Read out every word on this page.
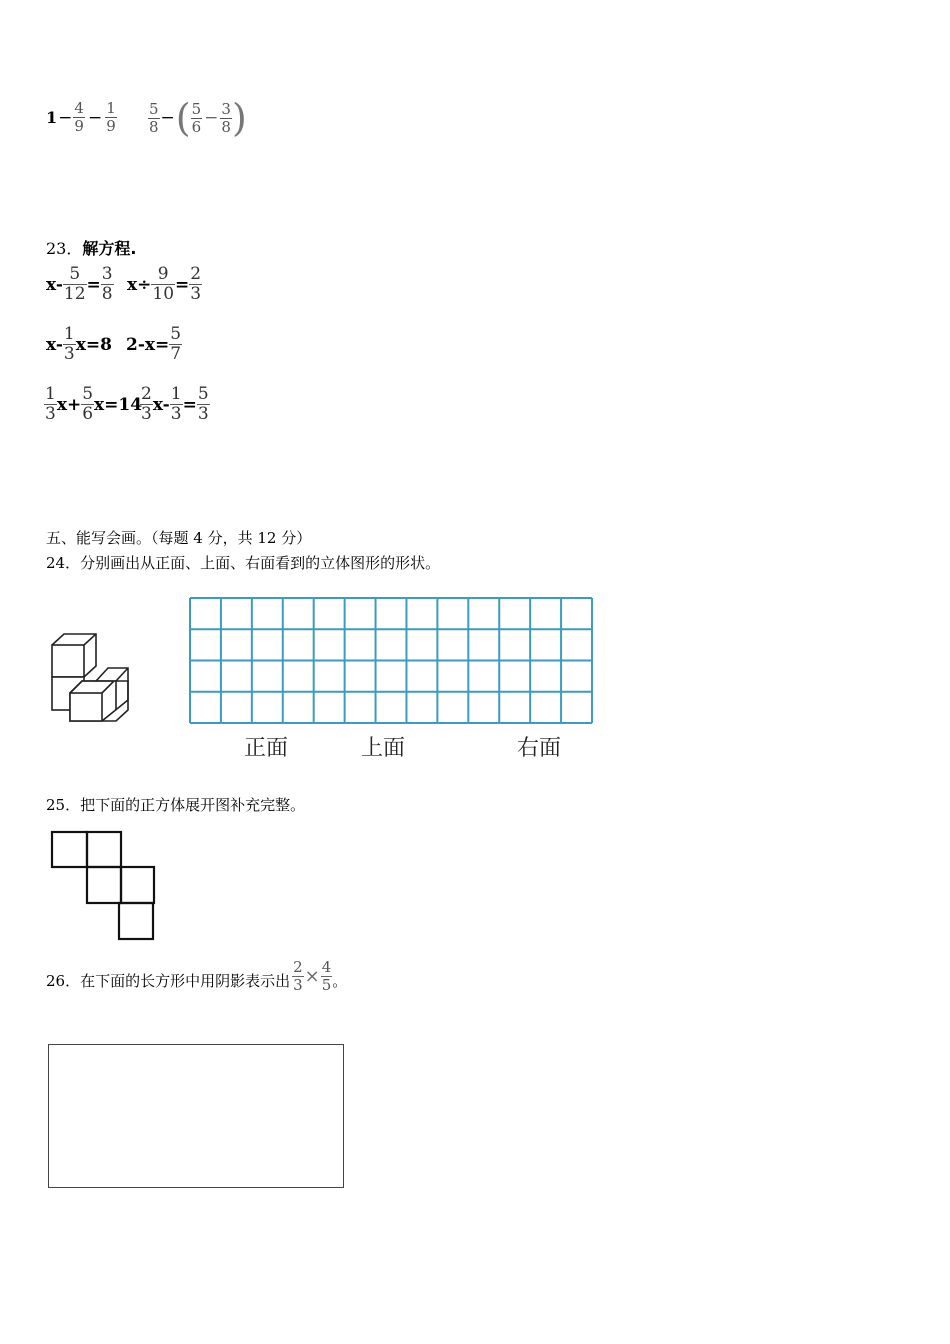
$1 - \frac{4}{9} - \frac{1}{9} \frac{5}{8}$ − ( $\frac{5}{6} - \frac{3}{8}$ )
23．解方程.
$x- \frac{5}{12} = \frac{3}{8} x\div \frac{9}{10} = \frac{2}{3}$
$x- \frac{1}{3} x=8$ $2-x= \frac{5}{7}$
$\frac{1}{3} x+ \frac{5}{6} x=14$
$\frac{2}{3} x- \frac{1}{3} = \frac{5}{3}$
五、能写会画。（每题 4 分，共 12 分）
24．分别画出从正面、上面、右面看到的立体图形的形状。
正面	上面	右面
25．把下面的正方体展开图补充完整。
26．在下面的长方形中用阴影表示出 $\frac{2}{3} \times \frac{4}{5}$ 。
